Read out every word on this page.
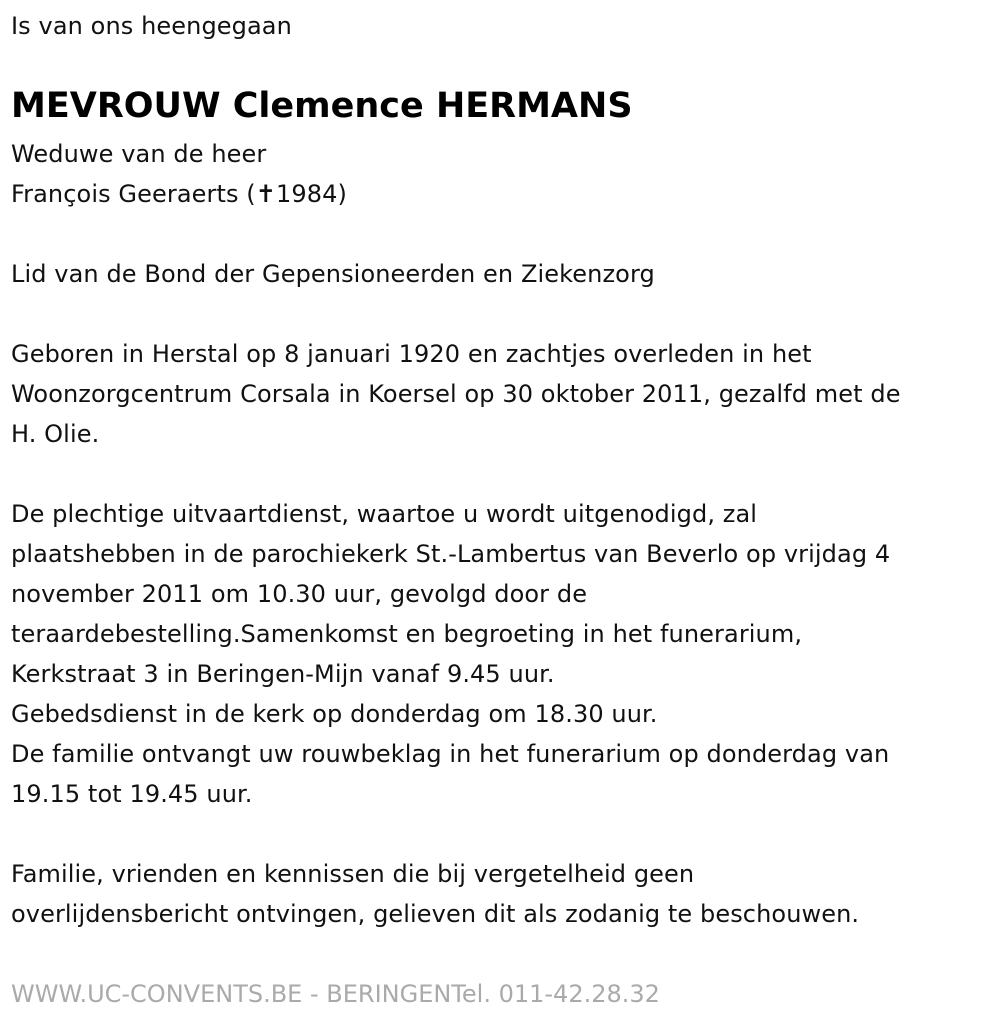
Is van ons heengegaan
MEVROUW Clemence HERMANS
Weduwe van de heer
François Geeraerts (✝1984)
Lid van de Bond der Gepensioneerden en Ziekenzorg
Geboren in Herstal op 8 januari 1920 en zachtjes overleden in het
Woonzorgcentrum Corsala in Koersel op 30 oktober 2011, gezalfd met de
H. Olie.
De plechtige uitvaartdienst, waartoe u wordt uitgenodigd, zal
plaatshebben in de parochiekerk St.-Lambertus van Beverlo op vrijdag 4
november 2011 om 10.30 uur, gevolgd door de
teraardebestelling.Samenkomst en begroeting in het funerarium,
Kerkstraat 3 in Beringen-Mijn vanaf 9.45 uur.
Gebedsdienst in de kerk op donderdag om 18.30 uur.
De familie ontvangt uw rouwbeklag in het funerarium op donderdag van
19.15 tot 19.45 uur.
Familie, vrienden en kennissen die bij vergetelheid geen
overlijdensbericht ontvingen, gelieven dit als zodanig te beschouwen.
WWW.UC-CONVENTS.BE - BERINGENTel. 011-42.28.32
